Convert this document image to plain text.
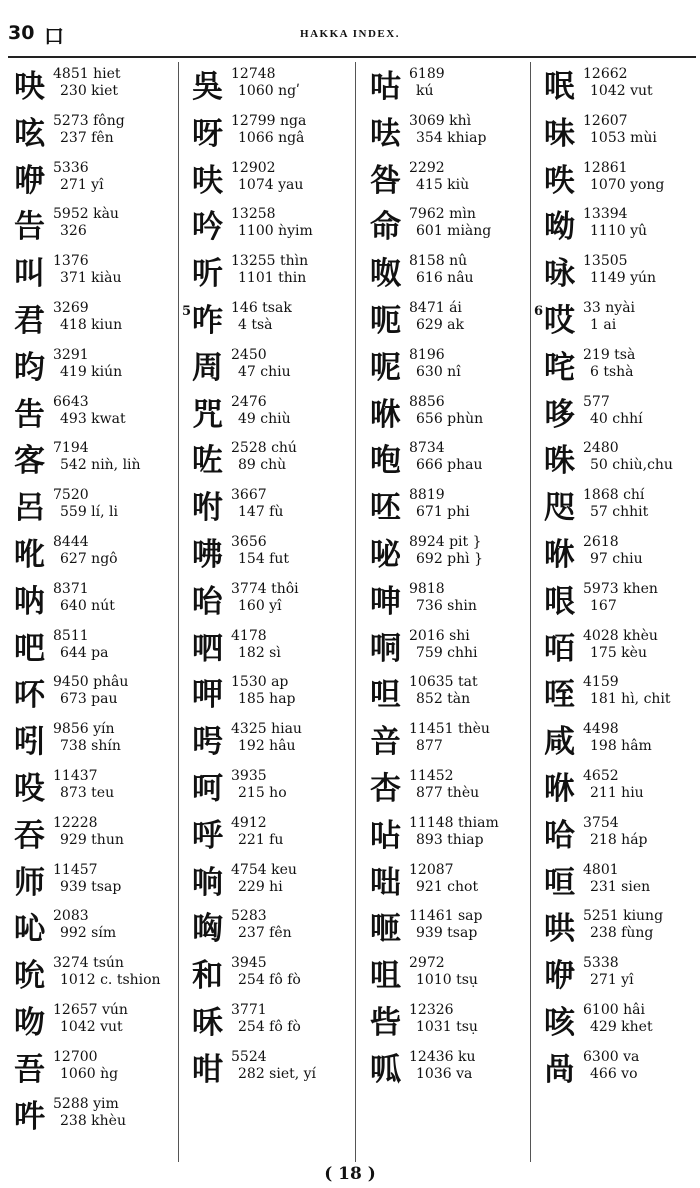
30 口	HAKKA INDEX.
吷 4851 hiet
230 kiet
呟 5273 fông
237 fên
咿 5336
271 yî
告 5952 kàu
326
叫 1376
371 kiàu
君 3269
418 kiun
昀 3291
419 kiún
吿 6643
493 kwat
客 7194
542 niǹ, liǹ
呂 7520
559 lí, li
吪 8444
627 ngô
呐 8371
640 nút
吧 8511
644 pa
吥 9450 phâu
673 pau
吲 9856 yín
738 shín
吺 11437
873 teu
吞 12228
929 thun
师 11457
939 tsap
吣 2083
992 sím
吮 3274 tsún
1012 c. tshion
吻 12657 vún
1042 vut
吾 12700
1060 ǹg
吽 5288 yim
238 khèu
吳 12748
1060 ngʹ
呀 12799 nga
1066 ngâ
呋 12902
1074 yau
吟 13258
1100 ǹyim
听 13255 thìn
1101 thin
5 咋 146 tsak
4 tsà
周 2450
47 chiu
咒 2476
49 chiù
咗 2528 chú
89 chù
咐 3667
147 fù
咈 3656
154 fut
咍 3774 thôi
160 yî
呬 4178
182 sì
呷 1530 ap
185 hap
呺 4325 hiau
192 hâu
呵 3935
215 ho
呼 4912
221 fu
响 4754 keu
229 hi
哅 5283
237 fên
和 3945
254 fô fò
咊 3771
254 fô fò
咁 5524
282 siet, yí
咕 6189
kú
呿 3069 khì
354 khiap
咎 2292
415 kiù
命 7962 mìn
601 miàng
呶 8158 nû
616 nâu
呃 8471 ái
629 ak
呢 8196
630 nî
咻 8856
656 phùn
咆 8734
666 phau
呸 8819
671 phi
咇 8924 pit }
692 phì }
呻 9818
736 shin
哃 2016 shi
759 chhi
呾 10635 tat
852 tàn
咅 11451 thèu
877
杏 11452
877 thèu
呫 11148 thiam
893 thiap
咄 12087
921 chot
咂 11461 sap
939 tsap
咀 2972
1010 tsụ
呰 12326
1031 tsụ
呱 12436 ku
1036 va
呡 12662
1042 vut
味 12607
1053 mùi
呹 12861
1070 yong
呦 13394
1110 yû
咏 13505
1149 yún
6 哎 33 nyài
1 ai
咤 219 tsà
6 tshà
哆 577
40 chhí
咮 2480
50 chiù,chu
咫 1868 chí
57 chhit
咻 2618
97 chiu
哏 5973 khen
167
咟 4028 khèu
175 kèu
咥 4159
181 hì, chit
咸 4498
198 hâm
咻 4652
211 hiu
哈 3754
218 háp
咺 4801
231 sien
哄 5251 kiung
238 fùng
咿 5338
271 yî
咳 6100 hâi
429 khet
咼 6300 va
466 vo
( 18 )
